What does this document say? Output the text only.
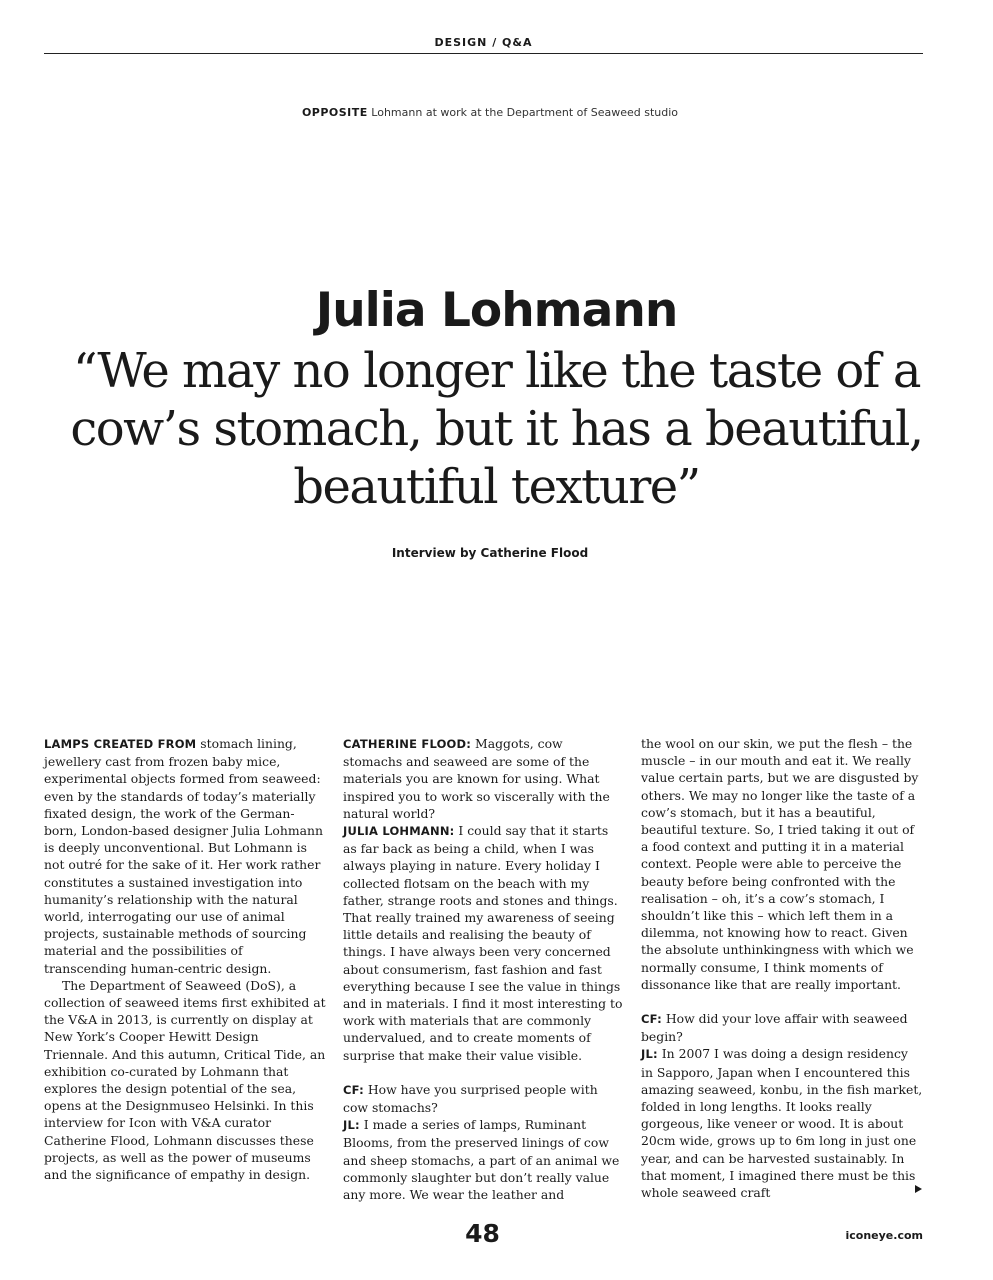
DESIGN / Q&A
OPPOSITE Lohmann at work at the Department of Seaweed studio
Julia Lohmann

“We may no longer like the taste of a cow’s stomach, but it has a beautiful, beautiful texture”

Interview by Catherine Flood

LAMPS CREATED FROM stomach lining, jewellery cast from frozen baby mice, experimental objects formed from seaweed: even by the standards of today’s materially fixated design, the work of the German-born, London-based designer Julia Lohmann is deeply unconventional. But Lohmann is not outré for the sake of it. Her work rather constitutes a sustained investigation into humanity’s relationship with the natural world, interrogating our use of animal projects, sustainable methods of sourcing material and the possibilities of transcending human-centric design.

The Department of Seaweed (DoS), a collection of seaweed items first exhibited at the V&A in 2013, is currently on display at New York’s Cooper Hewitt Design Triennale. And this autumn, Critical Tide, an exhibition co-curated by Lohmann that explores the design potential of the sea, opens at the Designmuseo Helsinki. In this interview for Icon with V&A curator Catherine Flood, Lohmann discusses these projects, as well as the power of museums and the significance of empathy in design.

CATHERINE FLOOD: Maggots, cow stomachs and seaweed are some of the materials you are known for using. What inspired you to work so viscerally with the natural world?

JULIA LOHMANN: I could say that it starts as far back as being a child, when I was always playing in nature. Every holiday I collected flotsam on the beach with my father, strange roots and stones and things. That really trained my awareness of seeing little details and realising the beauty of things. I have always been very concerned about consumerism, fast fashion and fast everything because I see the value in things and in materials. I find it most interesting to work with materials that are commonly undervalued, and to create moments of surprise that make their value visible.

CF: How have you surprised people with cow stomachs?

JL: I made a series of lamps, Ruminant Blooms, from the preserved linings of cow and sheep stomachs, a part of an animal we commonly slaughter but don’t really value any more. We wear the leather and

the wool on our skin, we put the flesh – the muscle – in our mouth and eat it. We really value certain parts, but we are disgusted by others. We may no longer like the taste of a cow’s stomach, but it has a beautiful, beautiful texture. So, I tried taking it out of a food context and putting it in a material context. People were able to perceive the beauty before being confronted with the realisation – oh, it’s a cow’s stomach, I shouldn’t like this – which left them in a dilemma, not knowing how to react. Given the absolute unthinkingness with which we normally consume, I think moments of dissonance like that are really important.

CF: How did your love affair with seaweed begin?

JL: In 2007 I was doing a design residency in Sapporo, Japan when I encountered this amazing seaweed, konbu, in the fish market, folded in long lengths. It looks really gorgeous, like veneer or wood. It is about 20cm wide, grows up to 6m long in just one year, and can be harvested sustainably. In that moment, I imagined there must be this whole seaweed craft

48	iconeye.com
